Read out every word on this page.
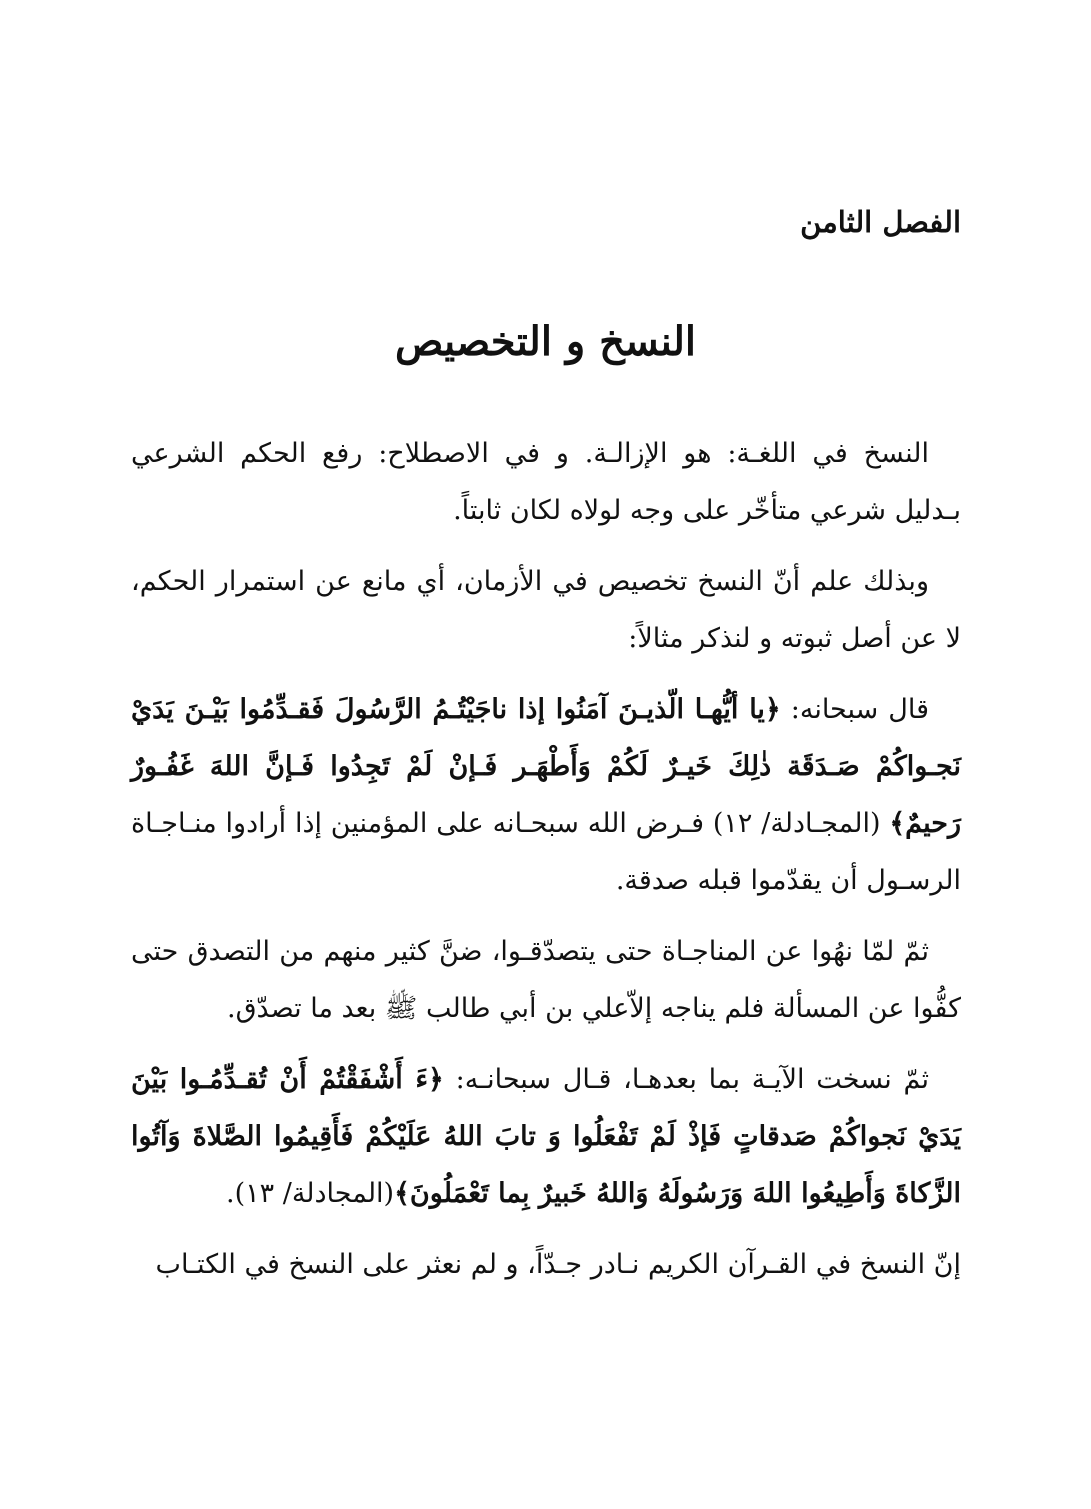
الفصل الثامن
النسخ و التخصيص

النسخ في اللغـة: هو الإزالـة. و في الاصطلاح: رفع الحكم الشرعي بـدليل شرعي متأخّر على وجه لولاه لكان ثابتاً.

وبذلك علم أنّ النسخ تخصيص في الأزمان، أي مانع عن استمرار الحكم، لا عن أصل ثبوته و لنذكر مثالاً:

قال سبحانه: ﴿يا أيُّهـا الّذيـنَ آمَنُوا إذا ناجَيْتُـمُ الرَّسُولَ فَقـدِّمُوا بَيْـنَ يَدَيْ نَجـواكُمْ صَـدَقَة ذٰلِكَ خَيـرٌ لَكُمْ وَأَطْهَـر فَـإنْ لَمْ تَجِدُوا فَـإنَّ اللهَ غَفُـورٌ رَحيمٌ﴾ (المجـادلة/ ١٢) فـرض الله سبحـانه على المؤمنين إذا أرادوا منـاجـاة الرسـول أن يقدّموا قبله صدقة.

ثمّ لمّا نهُوا عن المناجـاة حتى يتصدّقـوا، ضنَّ كثير منهم من التصدق حتى كفُّوا عن المسألة فلم يناجه إلاّعلي بن أبي طالب ﷺ بعد ما تصدّق.

ثمّ نسخت الآيـة بما بعدهـا، قـال سبحانـه: ﴿ءَ أَشْفَقْتُمْ أَنْ تُقـدِّمُـوا بَيْنَ يَدَيْ نَجواكُمْ صَدقاتٍ فَإذْ لَمْ تَفْعَلُوا وَ تابَ اللهُ عَلَيْكُمْ فَأَقِيمُوا الصَّلاةَ وَآتُوا الزَّكاةَ وَأَطِيعُوا اللهَ وَرَسُولَهُ وَاللهُ خَبيرٌ بِما تَعْمَلُونَ﴾(المجادلة/ ١٣).

إنّ النسخ في القـرآن الكريم نـادر جـدّاً، و لم نعثر على النسخ في الكتـاب
